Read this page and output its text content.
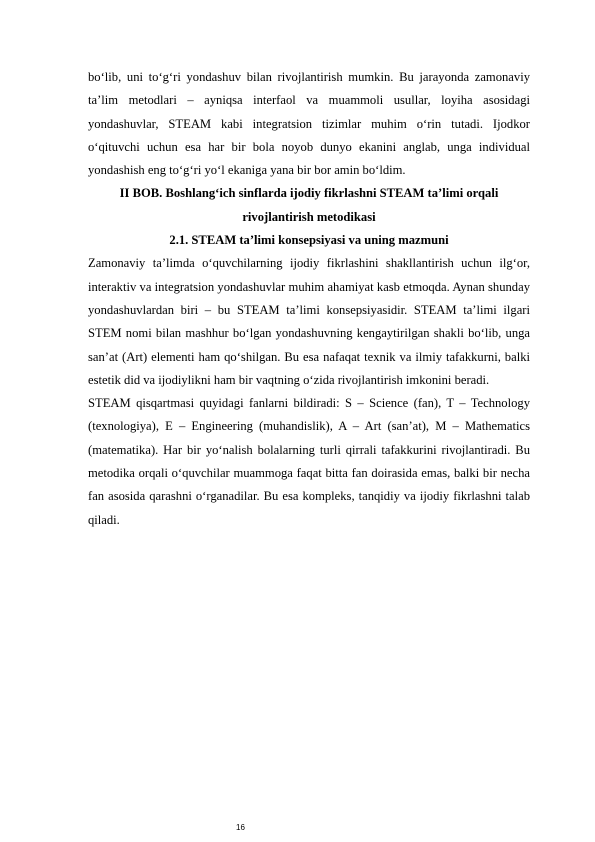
bo‘lib, uni to‘g‘ri yondashuv bilan rivojlantirish mumkin. Bu jarayonda zamonaviy ta’lim metodlari – ayniqsa interfaol va muammoli usullar, loyiha asosidagi yondashuvlar, STEAM kabi integratsion tizimlar muhim o‘rin tutadi. Ijodkor o‘qituvchi uchun esa har bir bola noyob dunyo ekanini anglab, unga individual yondashish eng to‘g‘ri yo‘l ekaniga yana bir bor amin bo‘ldim.

II BOB. Boshlang‘ich sinflarda ijodiy fikrlashni STEAM ta’limi orqali rivojlantirish metodikasi
2.1. STEAM ta’limi konsepsiyasi va uning mazmuni

Zamonaviy ta’limda o‘quvchilarning ijodiy fikrlashini shakllantirish uchun ilg‘or, interaktiv va integratsion yondashuvlar muhim ahamiyat kasb etmoqda. Aynan shunday yondashuvlardan biri – bu STEAM ta’limi konsepsiyasidir. STEAM ta’limi ilgari STEM nomi bilan mashhur bo‘lgan yondashuvning kengaytirilgan shakli bo‘lib, unga san’at (Art) elementi ham qo‘shilgan. Bu esa nafaqat texnik va ilmiy tafakkurni, balki estetik did va ijodiylikni ham bir vaqtning o‘zida rivojlantirish imkonini beradi.

STEAM qisqartmasi quyidagi fanlarni bildiradi: S – Science (fan), T – Technology (texnologiya), E – Engineering (muhandislik), A – Art (san’at), M – Mathematics (matematika). Har bir yo‘nalish bolalarning turli qirrali tafakkurini rivojlantiradi. Bu metodika orqali o‘quvchilar muammoga faqat bitta fan doirasida emas, balki bir necha fan asosida qarashni o‘rganadilar. Bu esa kompleks, tanqidiy va ijodiy fikrlashni talab qiladi.

16
